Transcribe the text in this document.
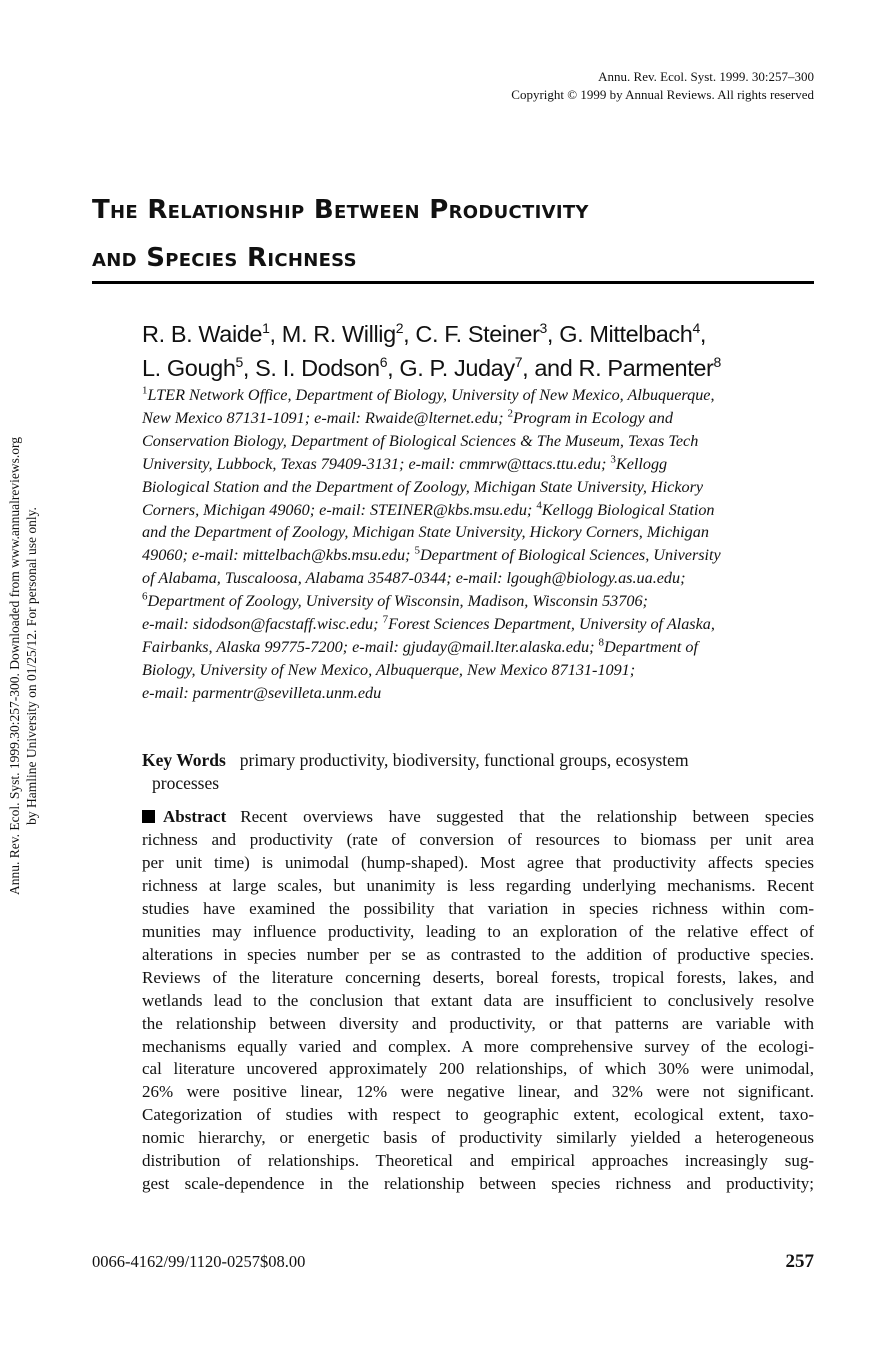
Annu. Rev. Ecol. Syst. 1999. 30:257–300
Copyright © 1999 by Annual Reviews. All rights reserved
Annu. Rev. Ecol. Syst. 1999.30:257-300. Downloaded from www.annualreviews.org by Hamline University on 01/25/12. For personal use only.
The Relationship Between Productivity
and Species Richness
R. B. Waide$^1$, M. R. Willig$^2$, C. F. Steiner$^3$, G. Mittelbach$^4$,
L. Gough$^5$, S. I. Dodson$^6$, G. P. Juday$^7$, and R. Parmenter$^8$
$^1$LTER Network Office, Department of Biology, University of New Mexico, Albuquerque,
New Mexico 87131-1091; e-mail: Rwaide@lternet.edu; $^2$Program in Ecology and
Conservation Biology, Department of Biological Sciences & The Museum, Texas Tech
University, Lubbock, Texas 79409-3131; e-mail: cmmrw@ttacs.ttu.edu; $^3$Kellogg
Biological Station and the Department of Zoology, Michigan State University, Hickory
Corners, Michigan 49060; e-mail: STEINER@kbs.msu.edu; $^4$Kellogg Biological Station
and the Department of Zoology, Michigan State University, Hickory Corners, Michigan
49060; e-mail: mittelbach@kbs.msu.edu; $^5$Department of Biological Sciences, University
of Alabama, Tuscaloosa, Alabama 35487-0344; e-mail: lgough@biology.as.ua.edu;
$^6$Department of Zoology, University of Wisconsin, Madison, Wisconsin 53706;
e-mail: sidodson@facstaff.wisc.edu; $^7$Forest Sciences Department, University of Alaska,
Fairbanks, Alaska 99775-7200; e-mail: gjuday@mail.lter.alaska.edu; $^8$Department of
Biology, University of New Mexico, Albuquerque, New Mexico 87131-1091;
e-mail: parmentr@sevilleta.unm.edu
Key Words primary productivity, biodiversity, functional groups, ecosystem
processes
Abstract Recent overviews have suggested that the relationship between species
richness and productivity (rate of conversion of resources to biomass per unit area
per unit time) is unimodal (hump-shaped). Most agree that productivity affects species
richness at large scales, but unanimity is less regarding underlying mechanisms. Recent
studies have examined the possibility that variation in species richness within com-
munities may influence productivity, leading to an exploration of the relative effect of
alterations in species number per se as contrasted to the addition of productive species.
Reviews of the literature concerning deserts, boreal forests, tropical forests, lakes, and
wetlands lead to the conclusion that extant data are insufficient to conclusively resolve
the relationship between diversity and productivity, or that patterns are variable with
mechanisms equally varied and complex. A more comprehensive survey of the ecologi-
cal literature uncovered approximately 200 relationships, of which 30% were unimodal,
26% were positive linear, 12% were negative linear, and 32% were not significant.
Categorization of studies with respect to geographic extent, ecological extent, taxo-
nomic hierarchy, or energetic basis of productivity similarly yielded a heterogeneous
distribution of relationships. Theoretical and empirical approaches increasingly sug-
gest scale-dependence in the relationship between species richness and productivity;
0066-4162/99/1120-0257$08.00	257
